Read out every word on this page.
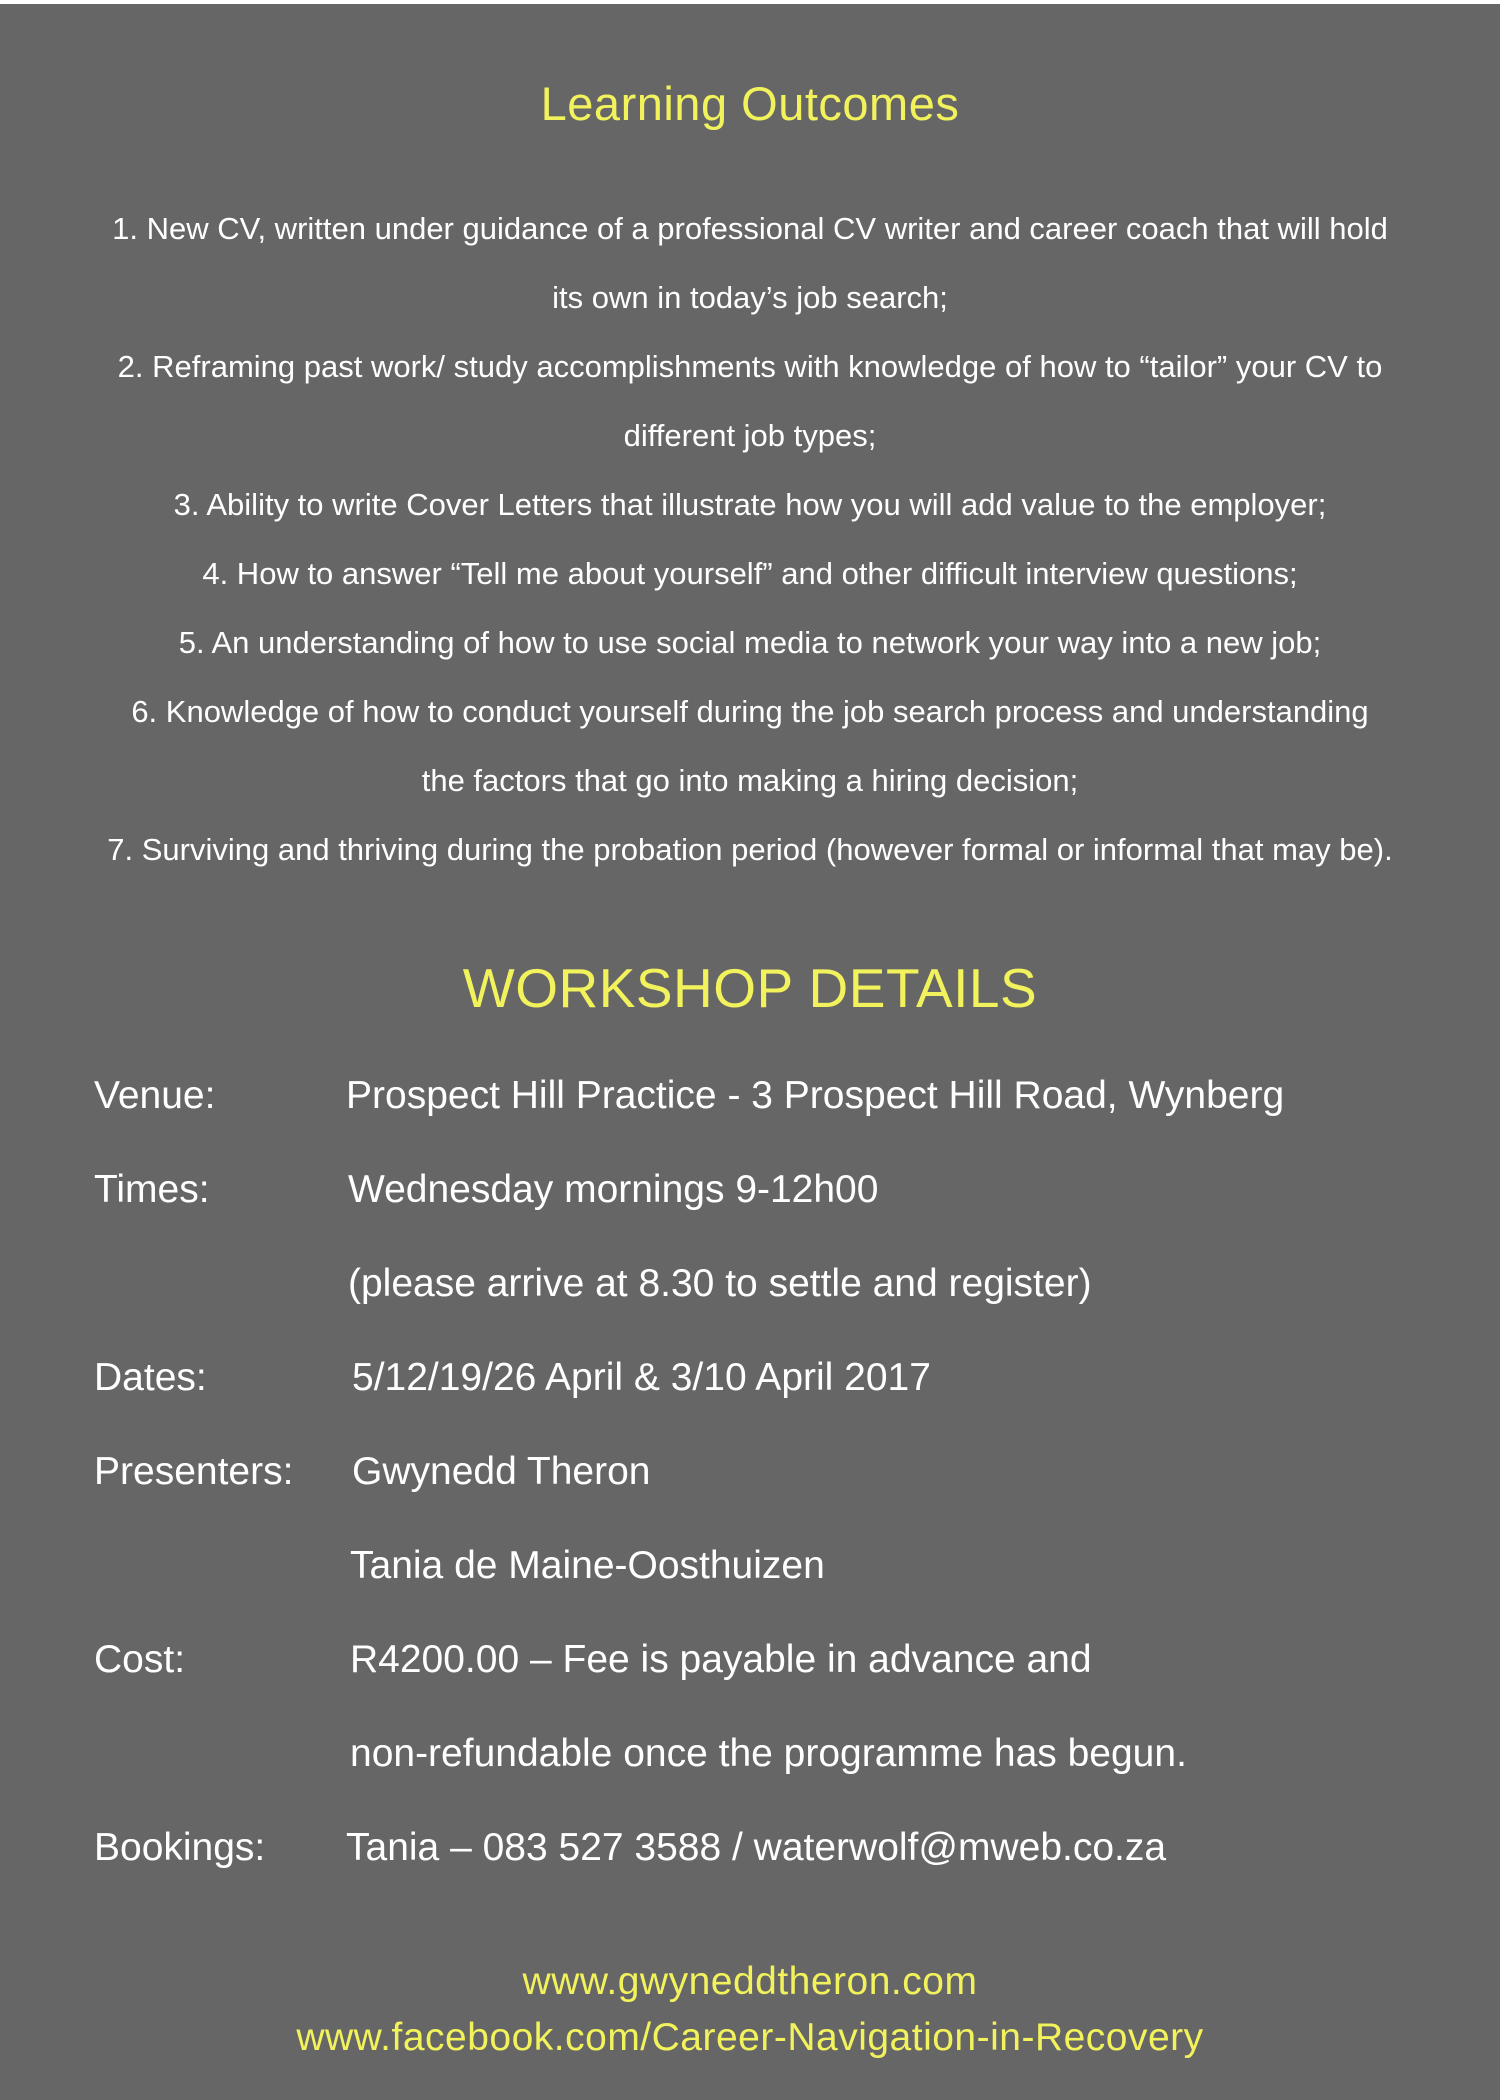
Learning Outcomes
1. New CV, written under guidance of a professional CV writer and career coach that will hold
its own in today’s job search;
2. Reframing past work/ study accomplishments with knowledge of how to “tailor” your CV to
different job types;
3. Ability to write Cover Letters that illustrate how you will add value to the employer;
4. How to answer “Tell me about yourself” and other difficult interview questions;
5. An understanding of how to use social media to network your way into a new job;
6. Knowledge of how to conduct yourself during the job search process and understanding
the factors that go into making a hiring decision;
7. Surviving and thriving during the probation period (however formal or informal that may be).
WORKSHOP DETAILS
Venue:	Prospect Hill Practice - 3 Prospect Hill Road, Wynberg
Times:	Wednesday mornings 9-12h00
(please arrive at 8.30 to settle and register)
Dates:	5/12/19/26 April & 3/10 April 2017
Presenters: Gwynedd Theron
Tania de Maine-Oosthuizen
Cost:	R4200.00 – Fee is payable in advance and
non-refundable once the programme has begun.
Bookings: Tania – 083 527 3588 / waterwolf@mweb.co.za
www.gwyneddtheron.com
www.facebook.com/Career-Navigation-in-Recovery
